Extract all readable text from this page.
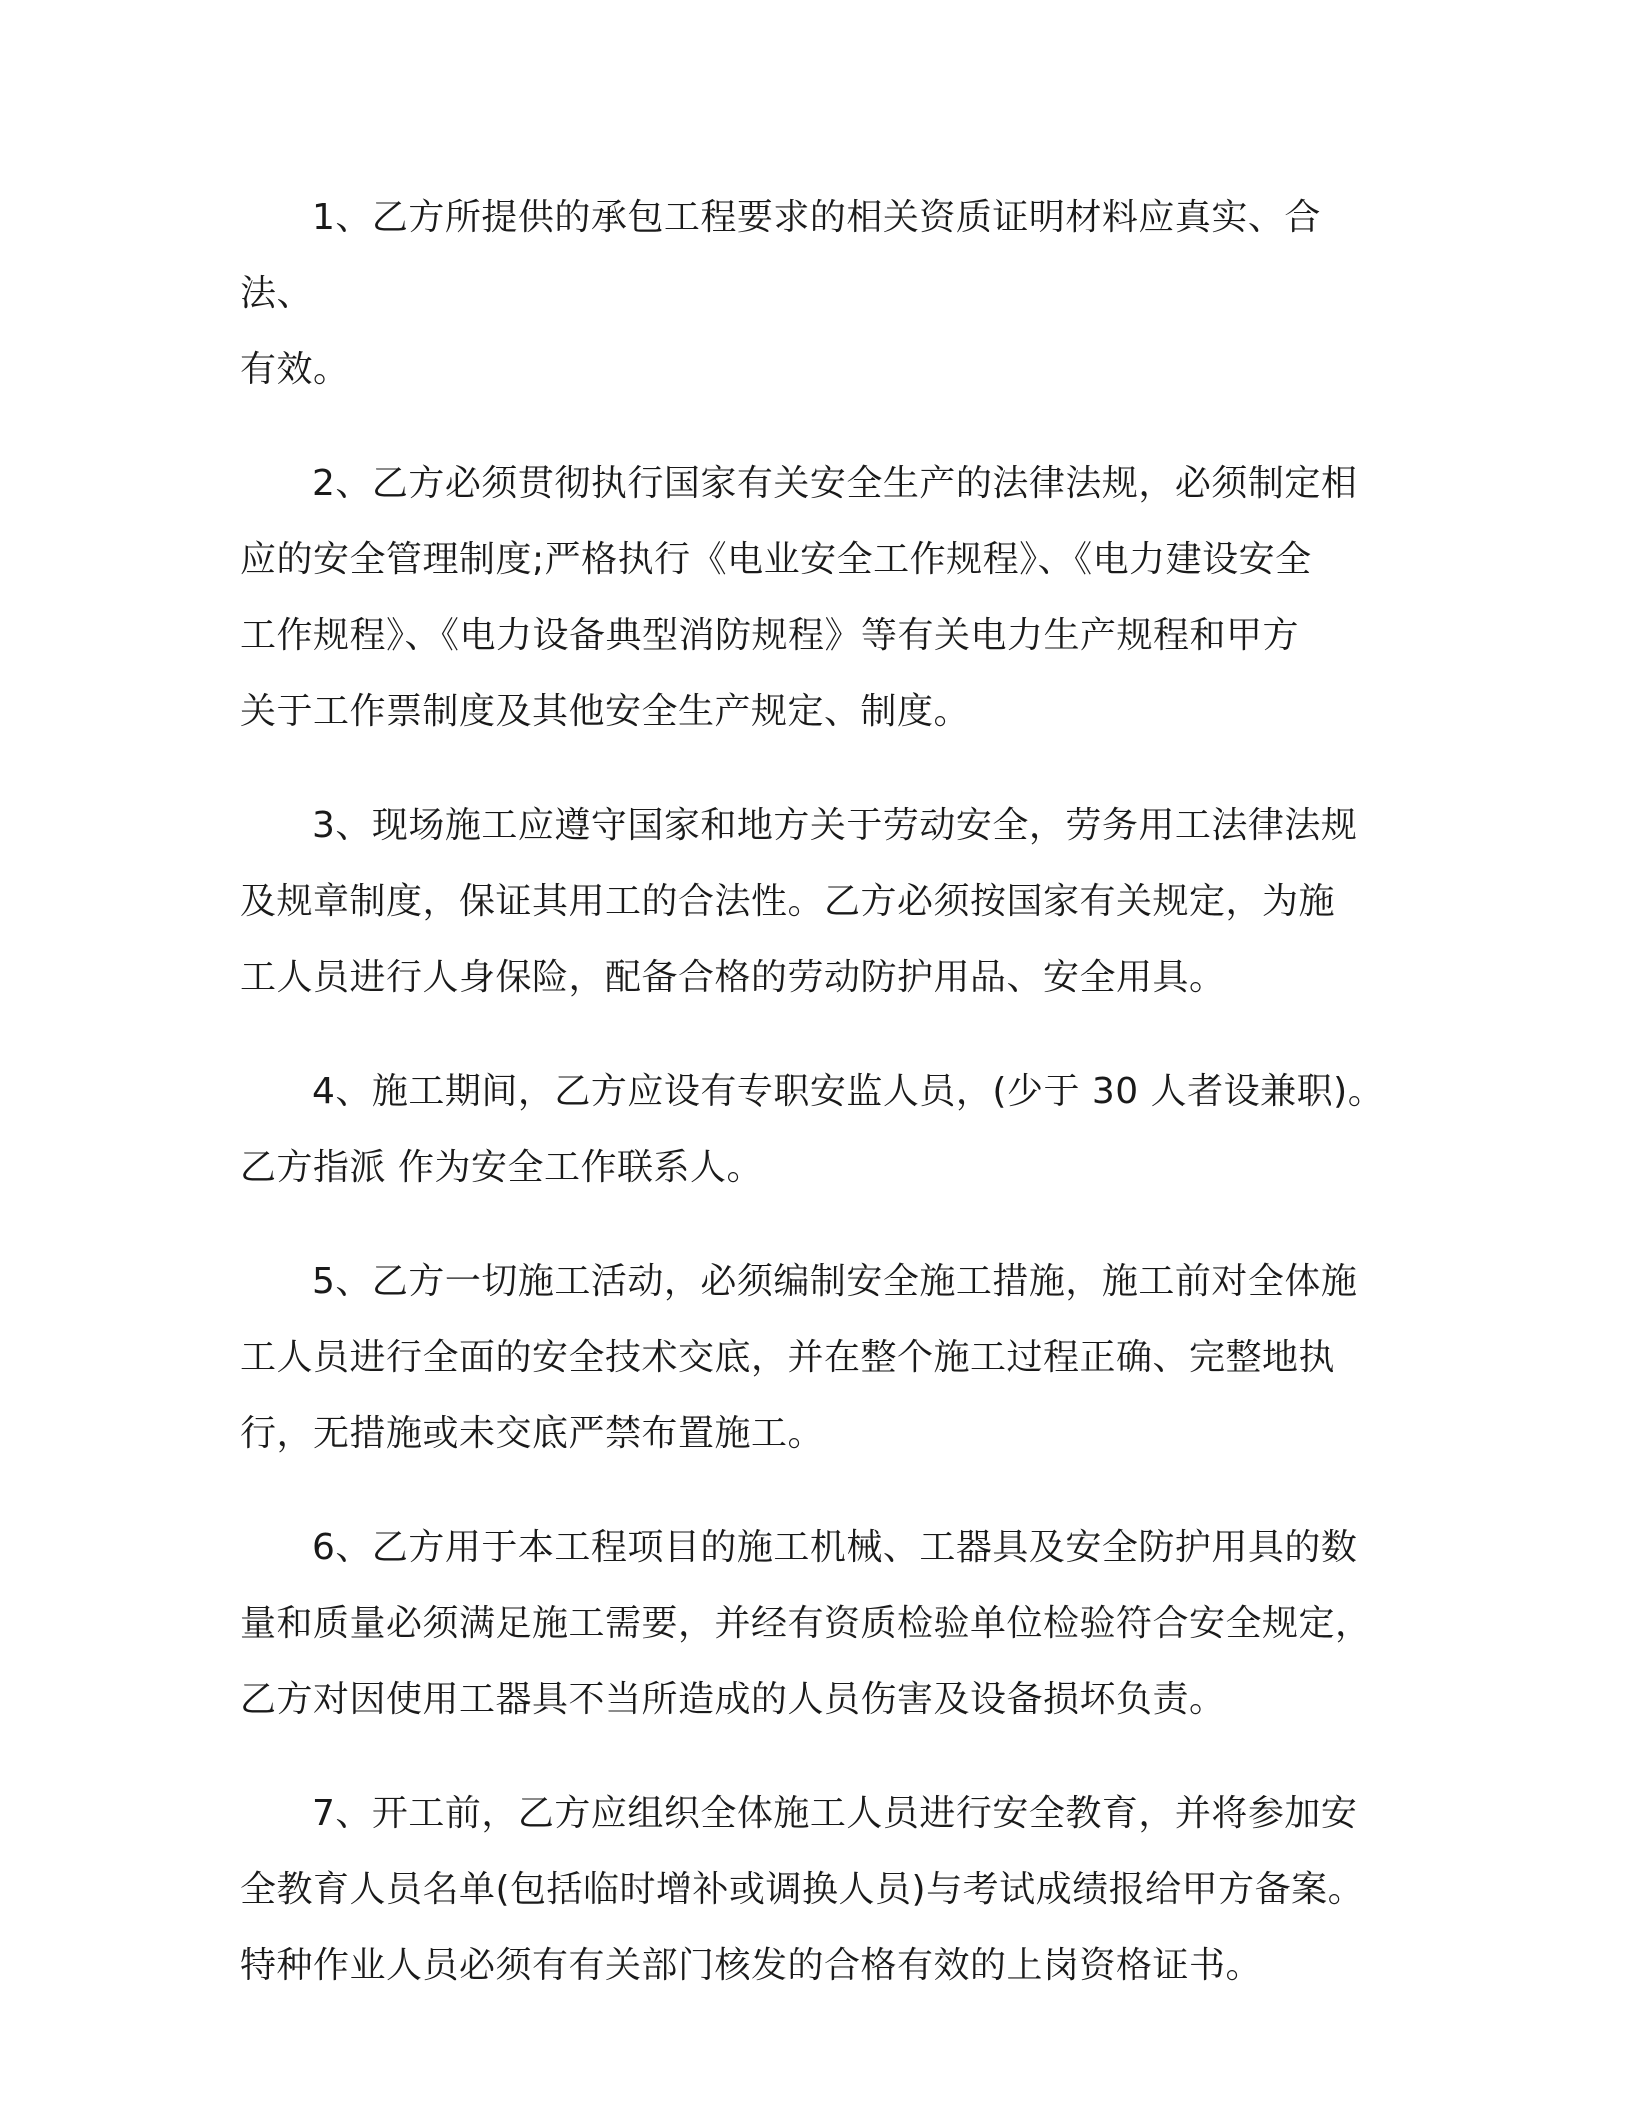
1、乙方所提供的承包工程要求的相关资质证明材料应真实、合法、
有效。
2、乙方必须贯彻执行国家有关安全生产的法律法规，必须制定相
应的安全管理制度;严格执行《电业安全工作规程》、《电力建设安全
工作规程》、《电力设备典型消防规程》等有关电力生产规程和甲方
关于工作票制度及其他安全生产规定、制度。
3、现场施工应遵守国家和地方关于劳动安全，劳务用工法律法规
及规章制度，保证其用工的合法性。乙方必须按国家有关规定，为施
工人员进行人身保险，配备合格的劳动防护用品、安全用具。
4、施工期间，乙方应设有专职安监人员，(少于 30 人者设兼职)。
乙方指派 作为安全工作联系人。
5、乙方一切施工活动，必须编制安全施工措施，施工前对全体施
工人员进行全面的安全技术交底，并在整个施工过程正确、完整地执
行，无措施或未交底严禁布置施工。
6、乙方用于本工程项目的施工机械、工器具及安全防护用具的数
量和质量必须满足施工需要，并经有资质检验单位检验符合安全规定，
乙方对因使用工器具不当所造成的人员伤害及设备损坏负责。
7、开工前，乙方应组织全体施工人员进行安全教育，并将参加安
全教育人员名单(包括临时增补或调换人员)与考试成绩报给甲方备案。
特种作业人员必须有有关部门核发的合格有效的上岗资格证书。
